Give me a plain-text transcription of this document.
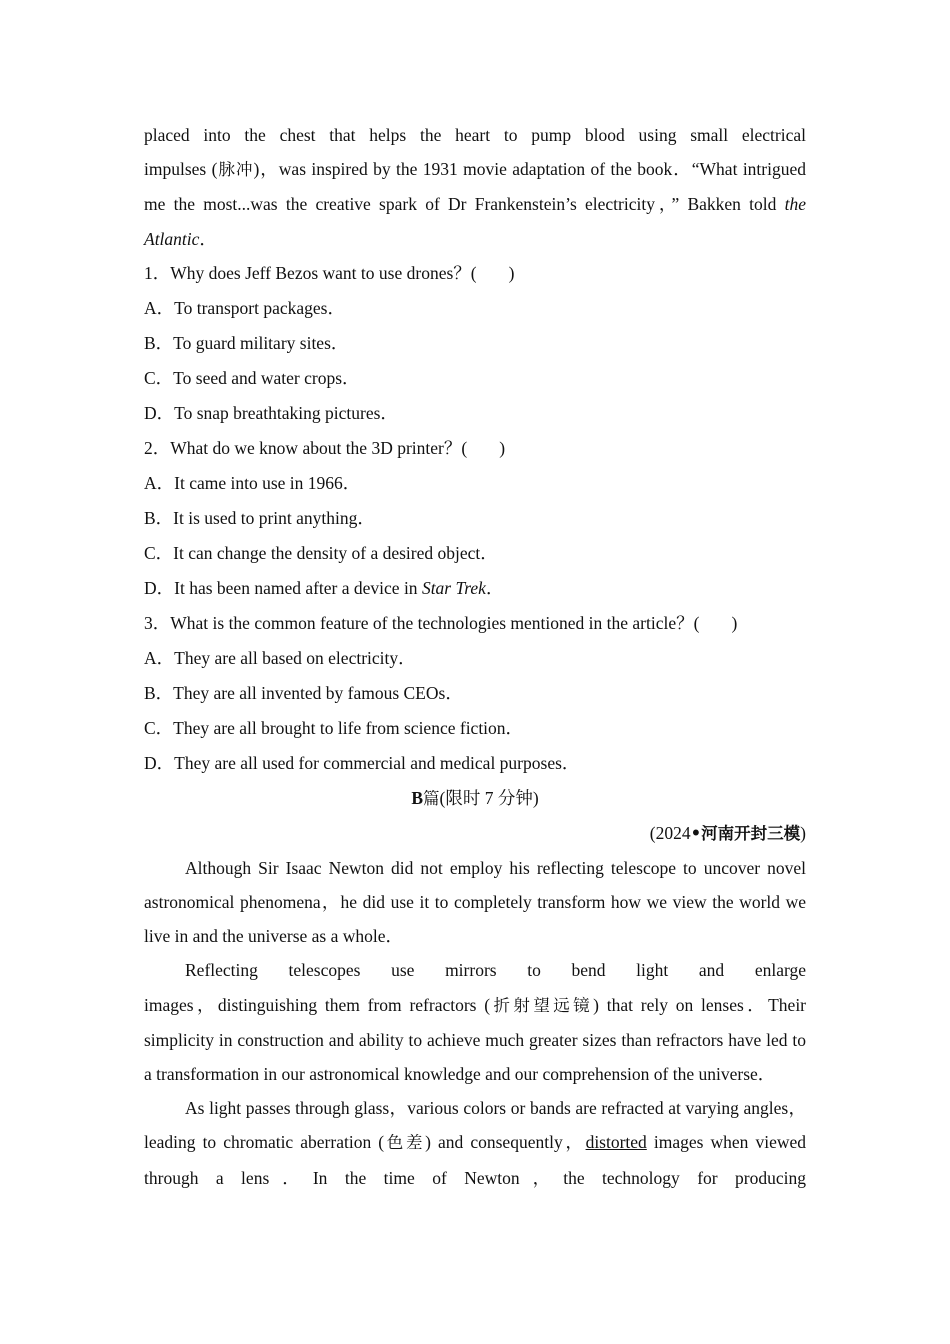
placed into the chest that helps the heart to pump blood using small electrical

impulses (脉冲)，was inspired by the 1931 movie adaptation of the book．“What intrigued me the most...was the creative spark of Dr Frankenstein’s electricity，” Bakken told the Atlantic．

1．Why does Jeff Bezos want to use drones？( )

A．To transport packages．

B．To guard military sites．

C．To seed and water crops．

D．To snap breathtaking pictures．

2．What do we know about the 3D printer？( )

A．It came into use in 1966．

B．It is used to print anything．

C．It can change the density of a desired object．

D．It has been named after a device in Star Trek．

3．What is the common feature of the technologies mentioned in the article？( )

A．They are all based on electricity．

B．They are all invented by famous CEOs．

C．They are all brought to life from science fiction．

D．They are all used for commercial and medical purposes．

B篇(限时 7 分钟)

(2024•河南开封三模)

Although Sir Isaac Newton did not employ his reflecting telescope to uncover novel astronomical phenomena，he did use it to completely transform how we view the world we live in and the universe as a whole．

Reflecting telescopes use mirrors to bend light and enlarge

images，distinguishing them from refractors (折射望远镜) that rely on lenses．Their simplicity in construction and ability to achieve much greater sizes than refractors have led to a transformation in our astronomical knowledge and our comprehension of the universe．

As light passes through glass，various colors or bands are refracted at varying angles，leading to chromatic aberration (色差) and consequently，distorted images when viewed through a lens．In the time of Newton，the technology for producing
